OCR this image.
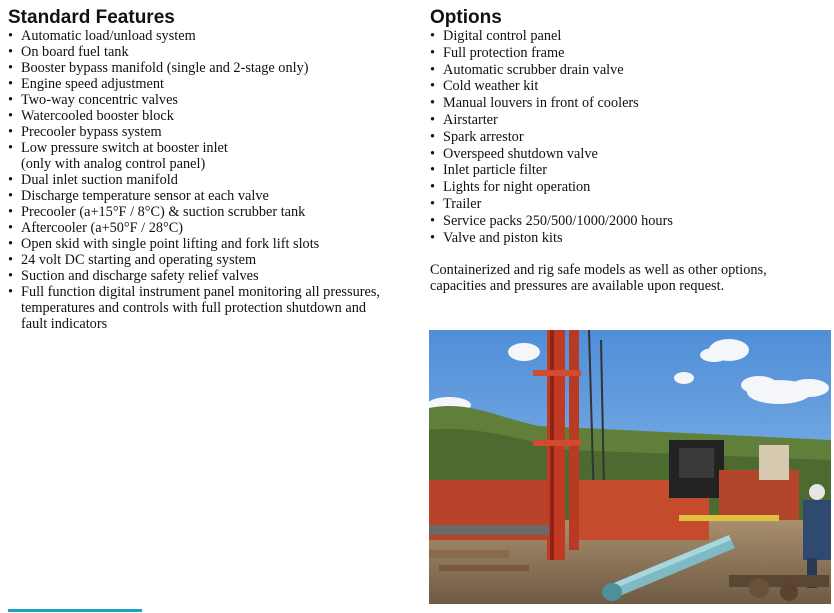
Standard Features
• Automatic load/unload system
• On board fuel tank
• Booster bypass manifold (single and 2-stage only)
• Engine speed adjustment
• Two-way concentric valves
• Watercooled booster block
• Precooler bypass system
• Low pressure switch at booster inlet
(only with analog control panel)
• Dual inlet suction manifold
• Discharge temperature sensor at each valve
• Precooler (a+15°F / 8°C) & suction scrubber tank
• Aftercooler (a+50°F / 28°C)
• Open skid with single point lifting and fork lift slots
• 24 volt DC starting and operating system
• Suction and discharge safety relief valves
• Full function digital instrument panel monitoring all pressures,
temperatures and controls with full protection shutdown and
fault indicators
Options
• Digital control panel
• Full protection frame
• Automatic scrubber drain valve
• Cold weather kit
• Manual louvers in front of coolers
• Airstarter
• Spark arrestor
• Overspeed shutdown valve
• Inlet particle filter
• Lights for night operation
• Trailer
• Service packs 250/500/1000/2000 hours
• Valve and piston kits

Containerized and rig safe models as well as other options,
capacities and pressures are available upon request.
